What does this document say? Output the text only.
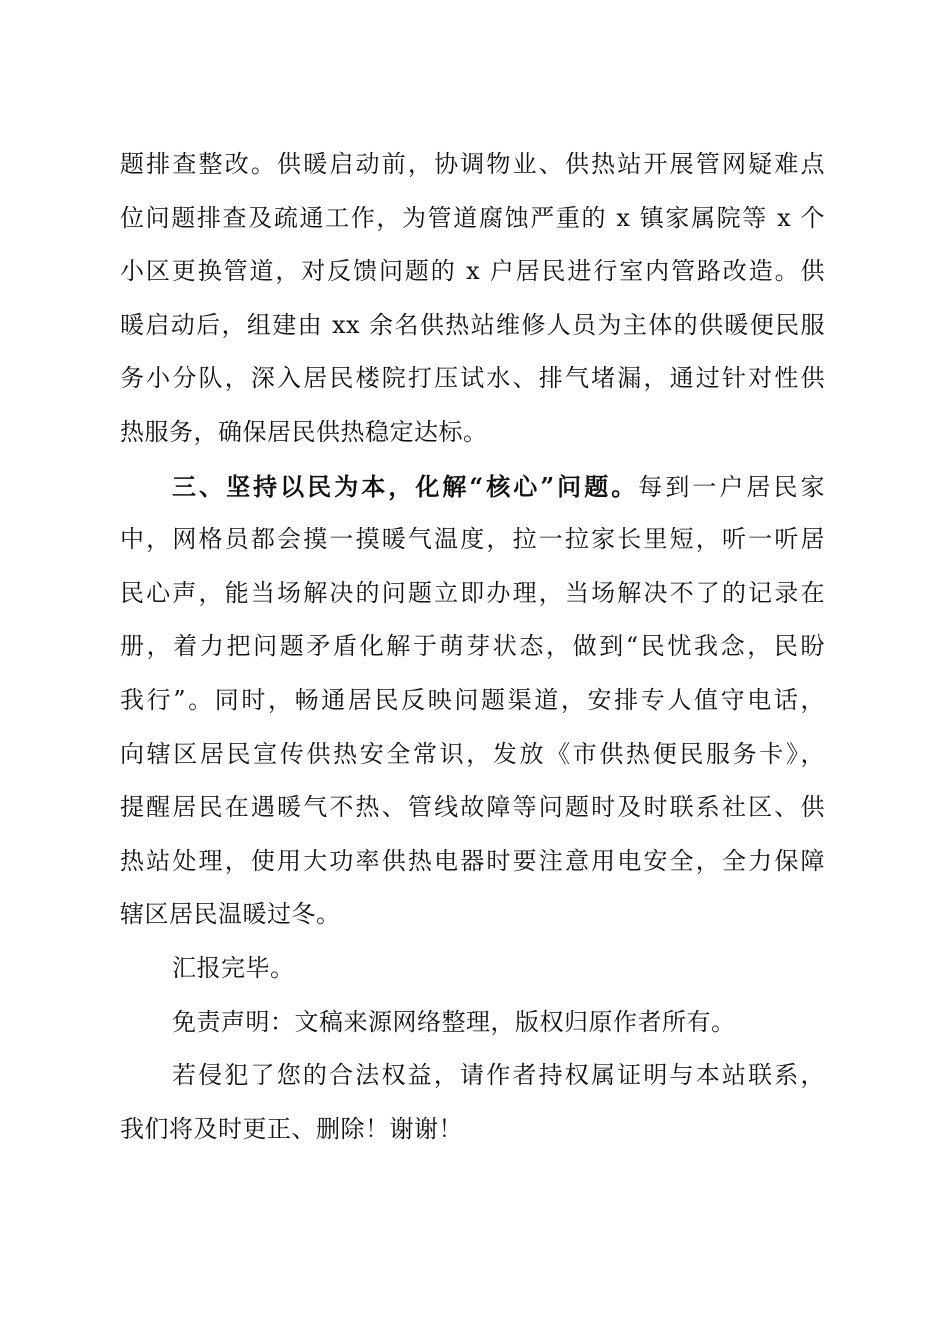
题排查整改。供暖启动前，协调物业、供热站开展管网疑难点
位问题排查及疏通工作，为管道腐蚀严重的 x 镇家属院等 x 个
小区更换管道，对反馈问题的 x 户居民进行室内管路改造。供
暖启动后，组建由 xx 余名供热站维修人员为主体的供暖便民服
务小分队，深入居民楼院打压试水、排气堵漏，通过针对性供
热服务，确保居民供热稳定达标。
三、坚持以民为本，化解“核心”问题。每到一户居民家
中，网格员都会摸一摸暖气温度，拉一拉家长里短，听一听居
民心声，能当场解决的问题立即办理，当场解决不了的记录在
册，着力把问题矛盾化解于萌芽状态，做到“民忧我念，民盼
我行”。同时，畅通居民反映问题渠道，安排专人值守电话，
向辖区居民宣传供热安全常识，发放《市供热便民服务卡》，
提醒居民在遇暖气不热、管线故障等问题时及时联系社区、供
热站处理，使用大功率供热电器时要注意用电安全，全力保障
辖区居民温暖过冬。
汇报完毕。
免责声明：文稿来源网络整理，版权归原作者所有。
若侵犯了您的合法权益，请作者持权属证明与本站联系，
我们将及时更正、删除！谢谢！
